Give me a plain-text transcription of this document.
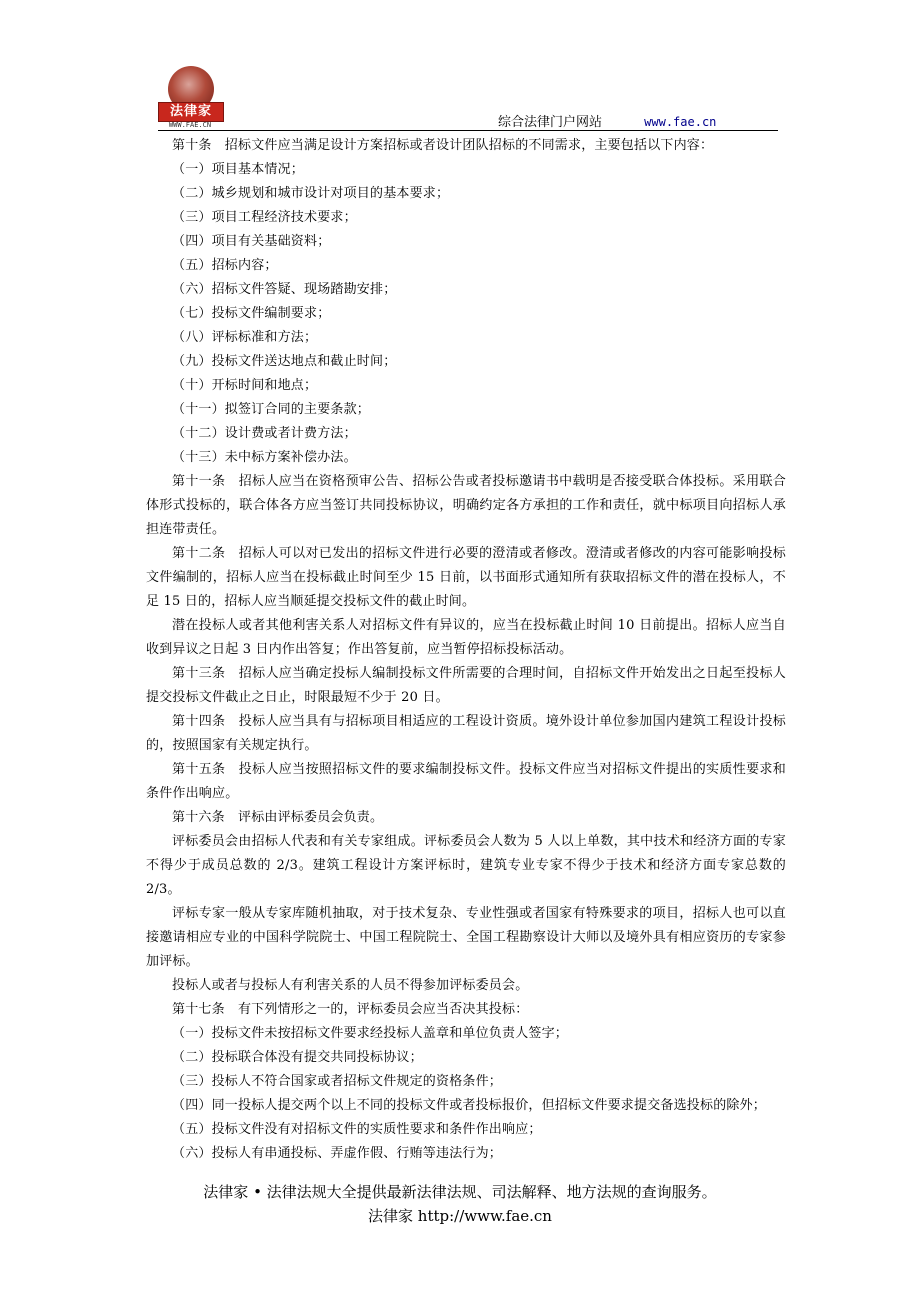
法律家
WWW.FAE.CN	综合法律门户网站	www.fae.cn

第十条　招标文件应当满足设计方案招标或者设计团队招标的不同需求，主要包括以下内容：

（一）项目基本情况；

（二）城乡规划和城市设计对项目的基本要求；

（三）项目工程经济技术要求；

（四）项目有关基础资料；

（五）招标内容；

（六）招标文件答疑、现场踏勘安排；

（七）投标文件编制要求；

（八）评标标准和方法；

（九）投标文件送达地点和截止时间；

（十）开标时间和地点；

（十一）拟签订合同的主要条款；

（十二）设计费或者计费方法；

（十三）未中标方案补偿办法。

第十一条　招标人应当在资格预审公告、招标公告或者投标邀请书中载明是否接受联合体投标。采用联合体形式投标的，联合体各方应当签订共同投标协议，明确约定各方承担的工作和责任，就中标项目向招标人承担连带责任。

第十二条　招标人可以对已发出的招标文件进行必要的澄清或者修改。澄清或者修改的内容可能影响投标文件编制的，招标人应当在投标截止时间至少 15 日前，以书面形式通知所有获取招标文件的潜在投标人，不足 15 日的，招标人应当顺延提交投标文件的截止时间。

潜在投标人或者其他利害关系人对招标文件有异议的，应当在投标截止时间 10 日前提出。招标人应当自收到异议之日起 3 日内作出答复；作出答复前，应当暂停招标投标活动。

第十三条　招标人应当确定投标人编制投标文件所需要的合理时间，自招标文件开始发出之日起至投标人提交投标文件截止之日止，时限最短不少于 20 日。

第十四条　投标人应当具有与招标项目相适应的工程设计资质。境外设计单位参加国内建筑工程设计投标的，按照国家有关规定执行。

第十五条　投标人应当按照招标文件的要求编制投标文件。投标文件应当对招标文件提出的实质性要求和条件作出响应。

第十六条　评标由评标委员会负责。

评标委员会由招标人代表和有关专家组成。评标委员会人数为 5 人以上单数，其中技术和经济方面的专家不得少于成员总数的 2/3。建筑工程设计方案评标时，建筑专业专家不得少于技术和经济方面专家总数的 2/3。

评标专家一般从专家库随机抽取，对于技术复杂、专业性强或者国家有特殊要求的项目，招标人也可以直接邀请相应专业的中国科学院院士、中国工程院院士、全国工程勘察设计大师以及境外具有相应资历的专家参加评标。

投标人或者与投标人有利害关系的人员不得参加评标委员会。

第十七条　有下列情形之一的，评标委员会应当否决其投标：

（一）投标文件未按招标文件要求经投标人盖章和单位负责人签字；

（二）投标联合体没有提交共同投标协议；

（三）投标人不符合国家或者招标文件规定的资格条件；

（四）同一投标人提交两个以上不同的投标文件或者投标报价，但招标文件要求提交备选投标的除外；

（五）投标文件没有对招标文件的实质性要求和条件作出响应；

（六）投标人有串通投标、弄虚作假、行贿等违法行为；

法律家 • 法律法规大全提供最新法律法规、司法解释、地方法规的查询服务。
法律家 http://www.fae.cn
